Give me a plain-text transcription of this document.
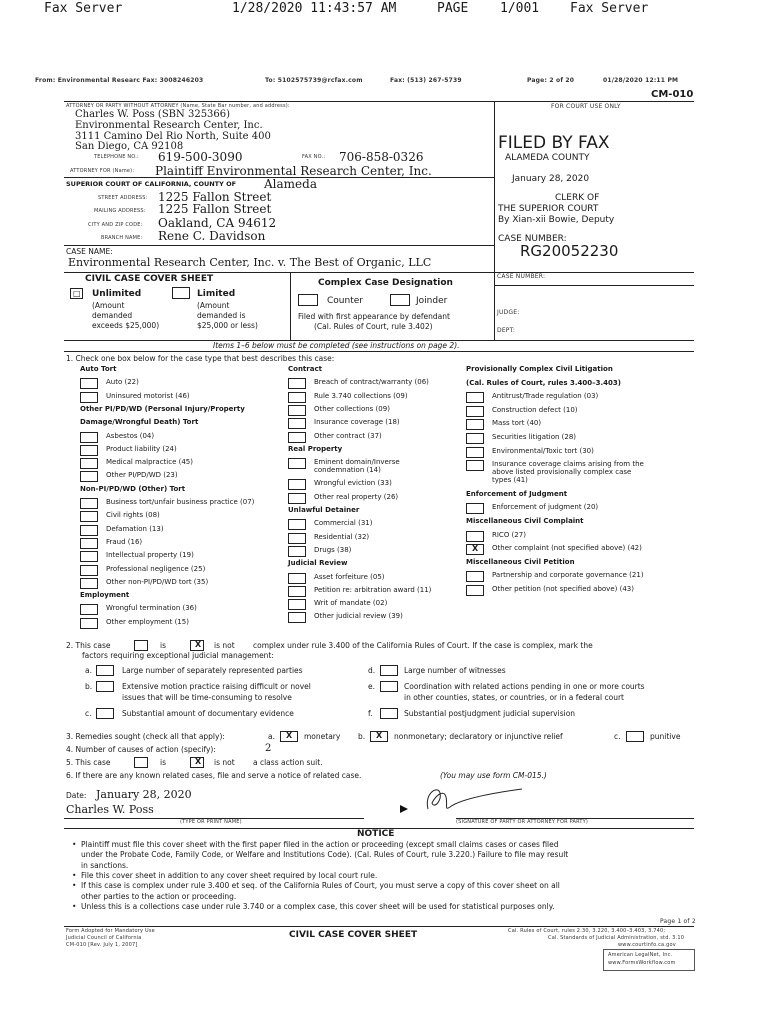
Fax Server	1/28/2020 11:43:57 AM	PAGE 1/001 Fax Server
From: Environmental Researc Fax: 3008246203	To: 5102575739@rcfax.com	Fax: (513) 267-5739	Page: 2 of 20	01/28/2020 12:11 PM
CM-010
ATTORNEY OR PARTY WITHOUT ATTORNEY (Name, State Bar number, and address):	FOR COURT USE ONLY
Charles W. Poss (SBN 325366)
Environmental Research Center, Inc.
3111 Camino Del Rio North, Suite 400
San Diego, CA 92108
TELEPHONE NO.: 619-500-3090	FAX NO.: 706-858-0326
ATTORNEY FOR (Name): Plaintiff Environmental Research Center, Inc.
SUPERIOR COURT OF CALIFORNIA, COUNTY OF Alameda
STREET ADDRESS: 1225 Fallon Street
MAILING ADDRESS: 1225 Fallon Street
CITY AND ZIP CODE: Oakland, CA 94612
BRANCH NAME: Rene C. Davidson
FILED BY FAX
ALAMEDA COUNTY
January 28, 2020
CLERK OF
THE SUPERIOR COURT
By Xian-xii Bowie, Deputy
CASE NUMBER:
RG20052230
CASE NAME:
Environmental Research Center, Inc. v. The Best of Organic, LLC
CIVIL CASE COVER SHEET
□ Unlimited
(Amount
demanded
exceeds $25,000)
Limited
(Amount
demanded is
$25,000 or less)
Complex Case Designation
Counter	Joinder
Filed with first appearance by defendant
(Cal. Rules of Court, rule 3.402)
CASE NUMBER:
JUDGE:
DEPT:
Items 1–6 below must be completed (see instructions on page 2).
1. Check one box below for the case type that best describes this case:
Auto Tort
Auto (22)
Uninsured motorist (46)
Other PI/PD/WD (Personal Injury/Property
Damage/Wrongful Death) Tort
Asbestos (04)
Product liability (24)
Medical malpractice (45)
Other PI/PD/WD (23)
Non-PI/PD/WD (Other) Tort
Business tort/unfair business practice (07)
Civil rights (08)
Defamation (13)
Fraud (16)
Intellectual property (19)
Professional negligence (25)
Other non-PI/PD/WD tort (35)
Employment
Wrongful termination (36)
Other employment (15)
Contract
Breach of contract/warranty (06)
Rule 3.740 collections (09)
Other collections (09)
Insurance coverage (18)
Other contract (37)
Real Property
Eminent domain/Inverse
condemnation (14)
Wrongful eviction (33)
Other real property (26)
Unlawful Detainer
Commercial (31)
Residential (32)
Drugs (38)
Judicial Review
Asset forfeiture (05)
Petition re: arbitration award (11)
Writ of mandate (02)
Other judicial review (39)
Provisionally Complex Civil Litigation
(Cal. Rules of Court, rules 3.400–3.403)
Antitrust/Trade regulation (03)
Construction defect (10)
Mass tort (40)
Securities litigation (28)
Environmental/Toxic tort (30)
Insurance coverage claims arising from the
above listed provisionally complex case
types (41)
Enforcement of Judgment
Enforcement of judgment (20)
Miscellaneous Civil Complaint
RICO (27)
X Other complaint (not specified above) (42)
Miscellaneous Civil Petition
Partnership and corporate governance (21)
Other petition (not specified above) (43)
2. This case	is	X is not complex under rule 3.400 of the California Rules of Court. If the case is complex, mark the
factors requiring exceptional judicial management:
a.	Large number of separately represented parties
b.	Extensive motion practice raising difficult or novel
issues that will be time-consuming to resolve
c.	Substantial amount of documentary evidence
d.	Large number of witnesses
e.	Coordination with related actions pending in one or more courts
in other counties, states, or countries, or in a federal court
f.	Substantial postjudgment judicial supervision
3. Remedies sought (check all that apply):	a. X monetary b. X nonmonetary; declaratory or injunctive relief	c.	punitive
4. Number of causes of action (specify):	2
5. This case	is	X is not a class action suit.
6. If there are any known related cases, file and serve a notice of related case.	(You may use form CM-015.)
Date: January 28, 2020
Charles W. Poss
(TYPE OR PRINT NAME)	(SIGNATURE OF PARTY OR ATTORNEY FOR PARTY)
NOTICE
• Plaintiff must file this cover sheet with the first paper filed in the action or proceeding (except small claims cases or cases filed
under the Probate Code, Family Code, or Welfare and Institutions Code). (Cal. Rules of Court, rule 3.220.) Failure to file may result
in sanctions.
• File this cover sheet in addition to any cover sheet required by local court rule.
• If this case is complex under rule 3.400 et seq. of the California Rules of Court, you must serve a copy of this cover sheet on all
other parties to the action or proceeding.
• Unless this is a collections case under rule 3.740 or a complex case, this cover sheet will be used for statistical purposes only.
Page 1 of 2
Form Adopted for Mandatory Use
Judicial Council of California
CM-010 [Rev. July 1, 2007]
CIVIL CASE COVER SHEET	Cal. Rules of Court, rules 2.30, 3.220, 3.400–3.403, 3.740;
Cal. Standards of Judicial Administration, std. 3.10
www.courtinfo.ca.gov
American LegalNet, Inc.
www.FormsWorkflow.com
